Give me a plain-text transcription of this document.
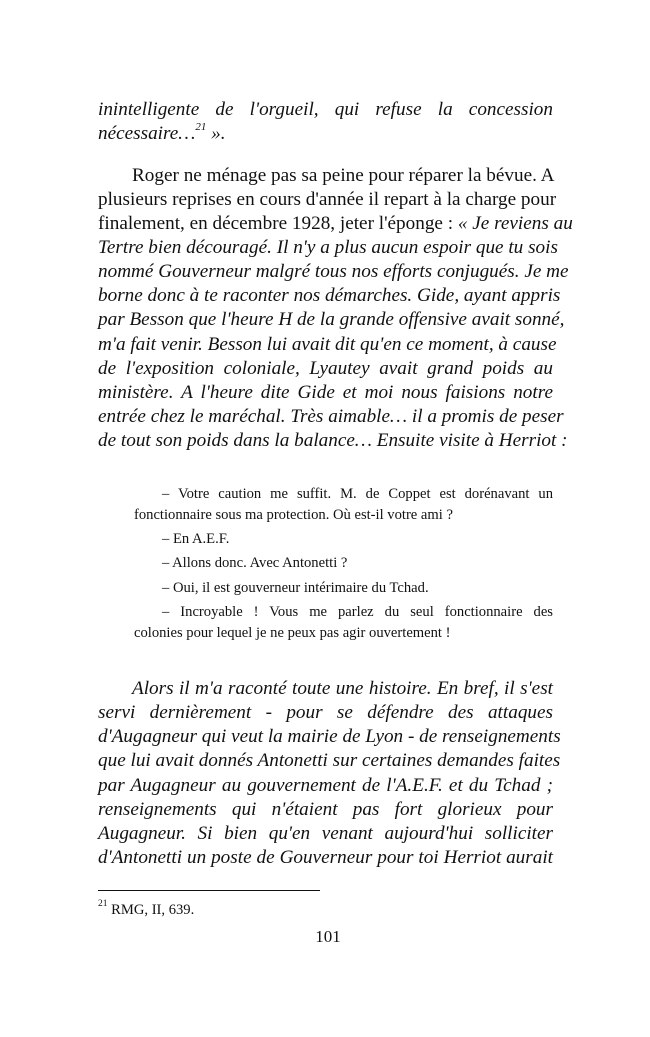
inintelligente de l'orgueil, qui refuse la concession
nécessaire…$^{21}$ ».
Roger ne ménage pas sa peine pour réparer la bévue. A
plusieurs reprises en cours d'année il repart à la charge pour
finalement, en décembre 1928, jeter l'éponge : « Je reviens au
Tertre bien découragé. Il n'y a plus aucun espoir que tu sois
nommé Gouverneur malgré tous nos efforts conjugués. Je me
borne donc à te raconter nos démarches. Gide, ayant appris
par Besson que l'heure H de la grande offensive avait sonné,
m'a fait venir. Besson lui avait dit qu'en ce moment, à cause
de l'exposition coloniale, Lyautey avait grand poids au
ministère. A l'heure dite Gide et moi nous faisions notre
entrée chez le maréchal. Très aimable… il a promis de peser
de tout son poids dans la balance… Ensuite visite à Herriot :
– Votre caution me suffit. M. de Coppet est dorénavant un
fonctionnaire sous ma protection. Où est-il votre ami ?
– En A.E.F.
– Allons donc. Avec Antonetti ?
– Oui, il est gouverneur intérimaire du Tchad.
– Incroyable ! Vous me parlez du seul fonctionnaire des
colonies pour lequel je ne peux pas agir ouvertement !
Alors il m'a raconté toute une histoire. En bref, il s'est
servi dernièrement - pour se défendre des attaques
d'Augagneur qui veut la mairie de Lyon - de renseignements
que lui avait donnés Antonetti sur certaines demandes faites
par Augagneur au gouvernement de l'A.E.F. et du Tchad ;
renseignements qui n'étaient pas fort glorieux pour
Augagneur. Si bien qu'en venant aujourd'hui solliciter
d'Antonetti un poste de Gouverneur pour toi Herriot aurait
$^{21}$ RMG, II, 639.
101
